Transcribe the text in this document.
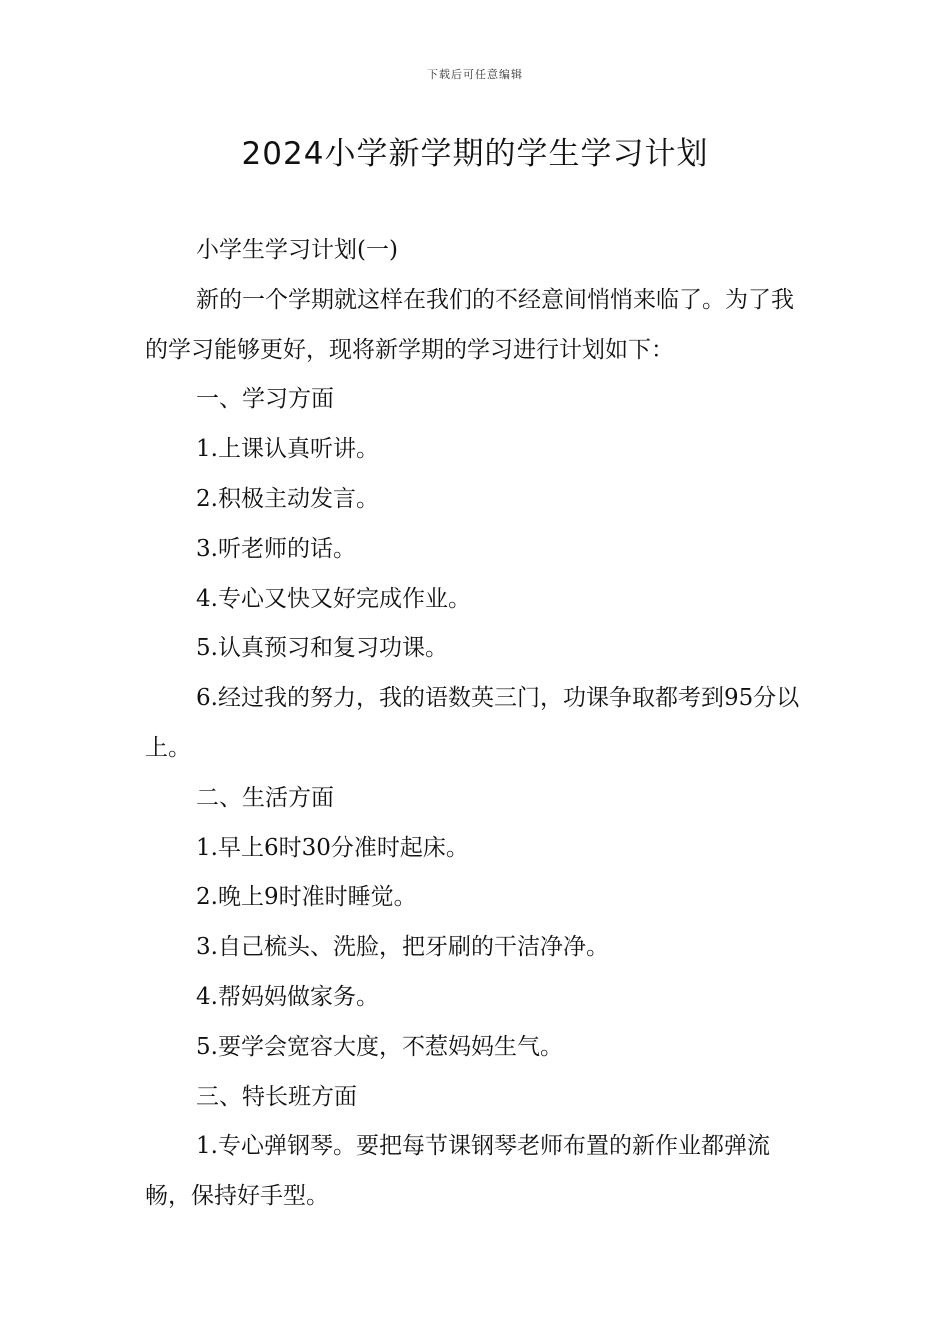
下载后可任意编辑
2024小学新学期的学生学习计划

小学生学习计划(一)

新的一个学期就这样在我们的不经意间悄悄来临了。为了我的学习能够更好，现将新学期的学习进行计划如下：

一、学习方面

1.上课认真听讲。

2.积极主动发言。

3.听老师的话。

4.专心又快又好完成作业。

5.认真预习和复习功课。

6.经过我的努力，我的语数英三门，功课争取都考到95分以上。

二、生活方面

1.早上6时30分准时起床。

2.晚上9时准时睡觉。

3.自己梳头、洗脸，把牙刷的干洁净净。

4.帮妈妈做家务。

5.要学会宽容大度，不惹妈妈生气。

三、特长班方面

1.专心弹钢琴。要把每节课钢琴老师布置的新作业都弹流畅，保持好手型。
